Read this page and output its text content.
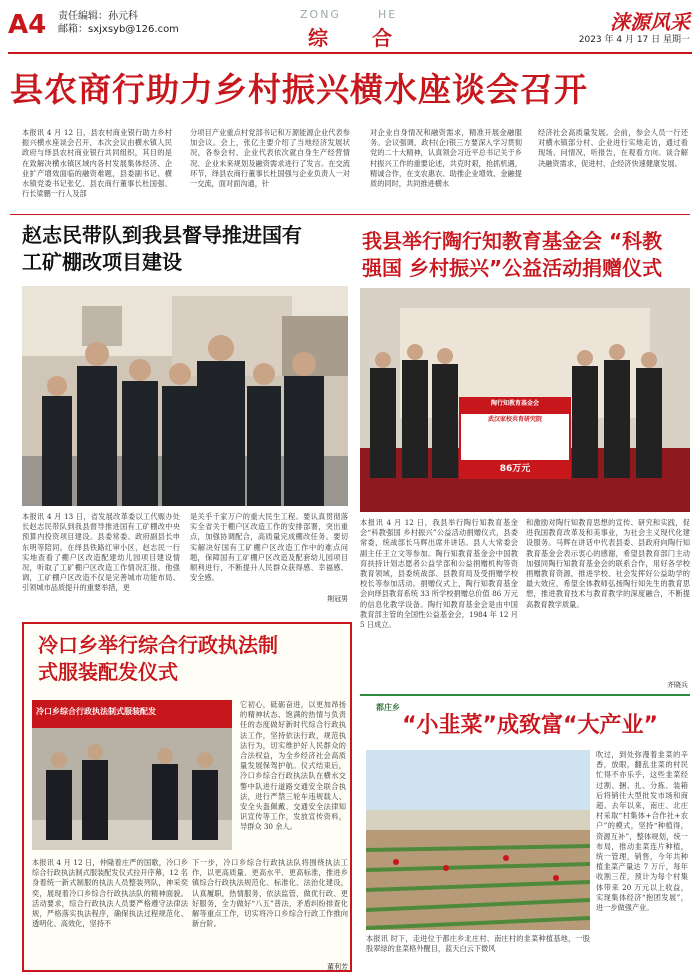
A4 责任编辑：孙元科
邮箱：sxjxsyb@126.com
ZONG	HE
综 合
涞源风采
2023 年 4 月 17 日 星期一
县农商行助力乡村振兴横水座谈会召开
本报讯 4 月 12 日，县农村商业银行助力乡村振兴横水座谈会召开，本次会议由横水镇人民政府与绎县农村商业银行共同组织，其目的是在致解决横水镇区域内各村发展集体经济、企业扩产增效面临的融资难题，县委副书记、横水镇党委书记张亿、县农商行董事长杜国强、行长梁鹏一行人及部
分项目产业重点村党部书记和万源能源企业代表参加会议。会上，张亿主要介绍了当地经济发展状况，各参会村、企业代表依次就自身生产经营情况、企业未来规划及融资需求进行了发言。在交流环节，绎县农商行董事长杜国强与企业负责人一对一交流，面对面沟通，针
对企业自身情况和融资需求，精准开展金融服务。会议强调，政村(企)银三方要深入学习贯彻党的二十大精神，认真领会习近平总书记关于乡村振兴工作的重要论述，共克时艰，抢抓机遇，精诚合作，在支农惠农、助推企业增效、金融提质的同时，共同推进横水
经济社会高质量发展。会前，参会人员一行还对横水镇部分村、企业进行实地走访，通过看现场、问情况，听报告，在观看方向、谈合解决融资需求，促进村、企经济快速健康发展。
赵志民带队到我县督导推进国有
工矿棚改项目建设
本报讯 4 月 13 日，省发展改革委以工代赈办处长赵志民带队到我县督导推进国有工矿棚改中央预算内投资项目建设。县委常委、政府副县长申东明等陪同。在绎县铁路红审小区，赵志民一行实地查看了棚户区改造配建幼儿园项目建设情况，听取了工矿棚户区改造工作情况汇报。他强调，工矿棚户区改造不仅是完善城市功能布局、引领城市品质提升的重要举措，更
是关乎千家万户的重大民生工程。要认真贯彻落实全省关于棚户区改造工作的安排部署，突出重点，加强协调配合，高质量完成棚改任务。要切实解决好国有工矿棚户区改造工作中的难点问题，保障国有工矿棚户区改造及配套幼儿园项目顺利进行，不断提升人民群众获得感、幸福感、安全感。
荆冠男
我县举行陶行知教育基金会 “科教
强国 乡村振兴”公益活动捐赠仪式
陶行知教育基金会
武汉家校共育研究院
86万元
本报讯 4 月 12 日，我县举行陶行知教育基金会“科教强国 乡村振兴”公益活动捐赠仪式，县委常委，统战部长马辉出席并讲话。县人大常委会副主任王立文等参加。陶行知教育基金会中国教育扶持计划志愿者公益学部和公益捐赠机构等资教育领域，县委统战部、县教育局及受捐赠学校校长等参加活动。捐赠仪式上，陶行知教育基金会向绎县教育系统 33 所学校捐赠总价值 86 万元的信息化教学设备。陶行知教育基金会是由中国教育部主管的全国性公益基金会，1984 年 12 月 5 日成立。
和激励对陶行知教育思想的宣传、研究和实践，促进我国教育改革及和美事业，为社会主义现代化建设服务。马辉在讲话中代表县委、县政府向陶行知教育基金会表示衷心的感谢，希望县教育部门主动加强同陶行知教育基金会的联系合作，用好各学校捐赠教育资源，推进学校、社会发挥好公益助学的最大效应，希望全体教师弘扬陶行知先生的教育思想，推进教育技术与教育教学的深度融合，不断提高教育教学质量。
齐晓兵
冷口乡举行综合行政执法制
式服装配发仪式
冷口乡综合行政执法制式服装配发
它初心，砥砺奋进，以更加昂扬的精神状态、饱满的热情与负责任的态度做好新时代综合行政执法工作，坚持依法行政，规范执法行为，切实维护好人民群众的合法权益，为全乡经济社会高质量发展保驾护航。仪式结束后，冷口乡综合行政执法队在横水交警中队进行道路交通安全联合执法，进行严禁三轮车违规载人、安全头盔佩戴、交通安全法律知识宣传等工作，发放宣传资料，导群众 30 余人。
本报讯 4 月 12 日，仲隆着庄严的国歌，冷口乡综合行政执法制式服装配发仪式拉开序幕，12 名身着统一新式制服的执法人员整装列队，神采奕奕，展现着冷口乡综合行政执法队的精神面貌。活动要求，综合行政执法人员要严格遵守法律法规，严格落实执法程序，确保执法过程规范化、透明化、高效化，坚持不
下一步，冷口乡综合行政执法队将围绕执法工作，以更高质量、更高水平、更高标准，推进乡镇综合行政执法规范化、标准化、法治化建设，认真履职，热情服务，依法监管，做优行政、更好服务，全力做好“八五”普法，矛盾纠纷排查化解等重点工作，切实将冷口乡综合行政工作推向新台阶。
董利芳
都庄乡
“小韭菜”成致富“大产业”
吹过，到处弥漫着韭菜的辛香，放眼，翻乱韭菜的村民忙得不亦乐乎，这些韭菜经过割、捆、扎、分拣、装箱后将销往大型批发市场和商超。去年以来，南庄、北庄村采取“村集体+合作社+农户”的模式，坚持“种植得，资源互补”，整体规划，统一布局，推动韭菜连片种植，统一管理，销售，今年共种植韭菜产量达 7 万斤，每年收割三茬，预计为每个村集体带来 20 万元以上收益，实现集体经济“抱团发展”，进一步做强产业。
本报讯 时下，走进位于都庄乡北庄村、南庄村的韭菜种植基地，一股股翠绿的韭菜格外醒目，蓝天白云下微风
